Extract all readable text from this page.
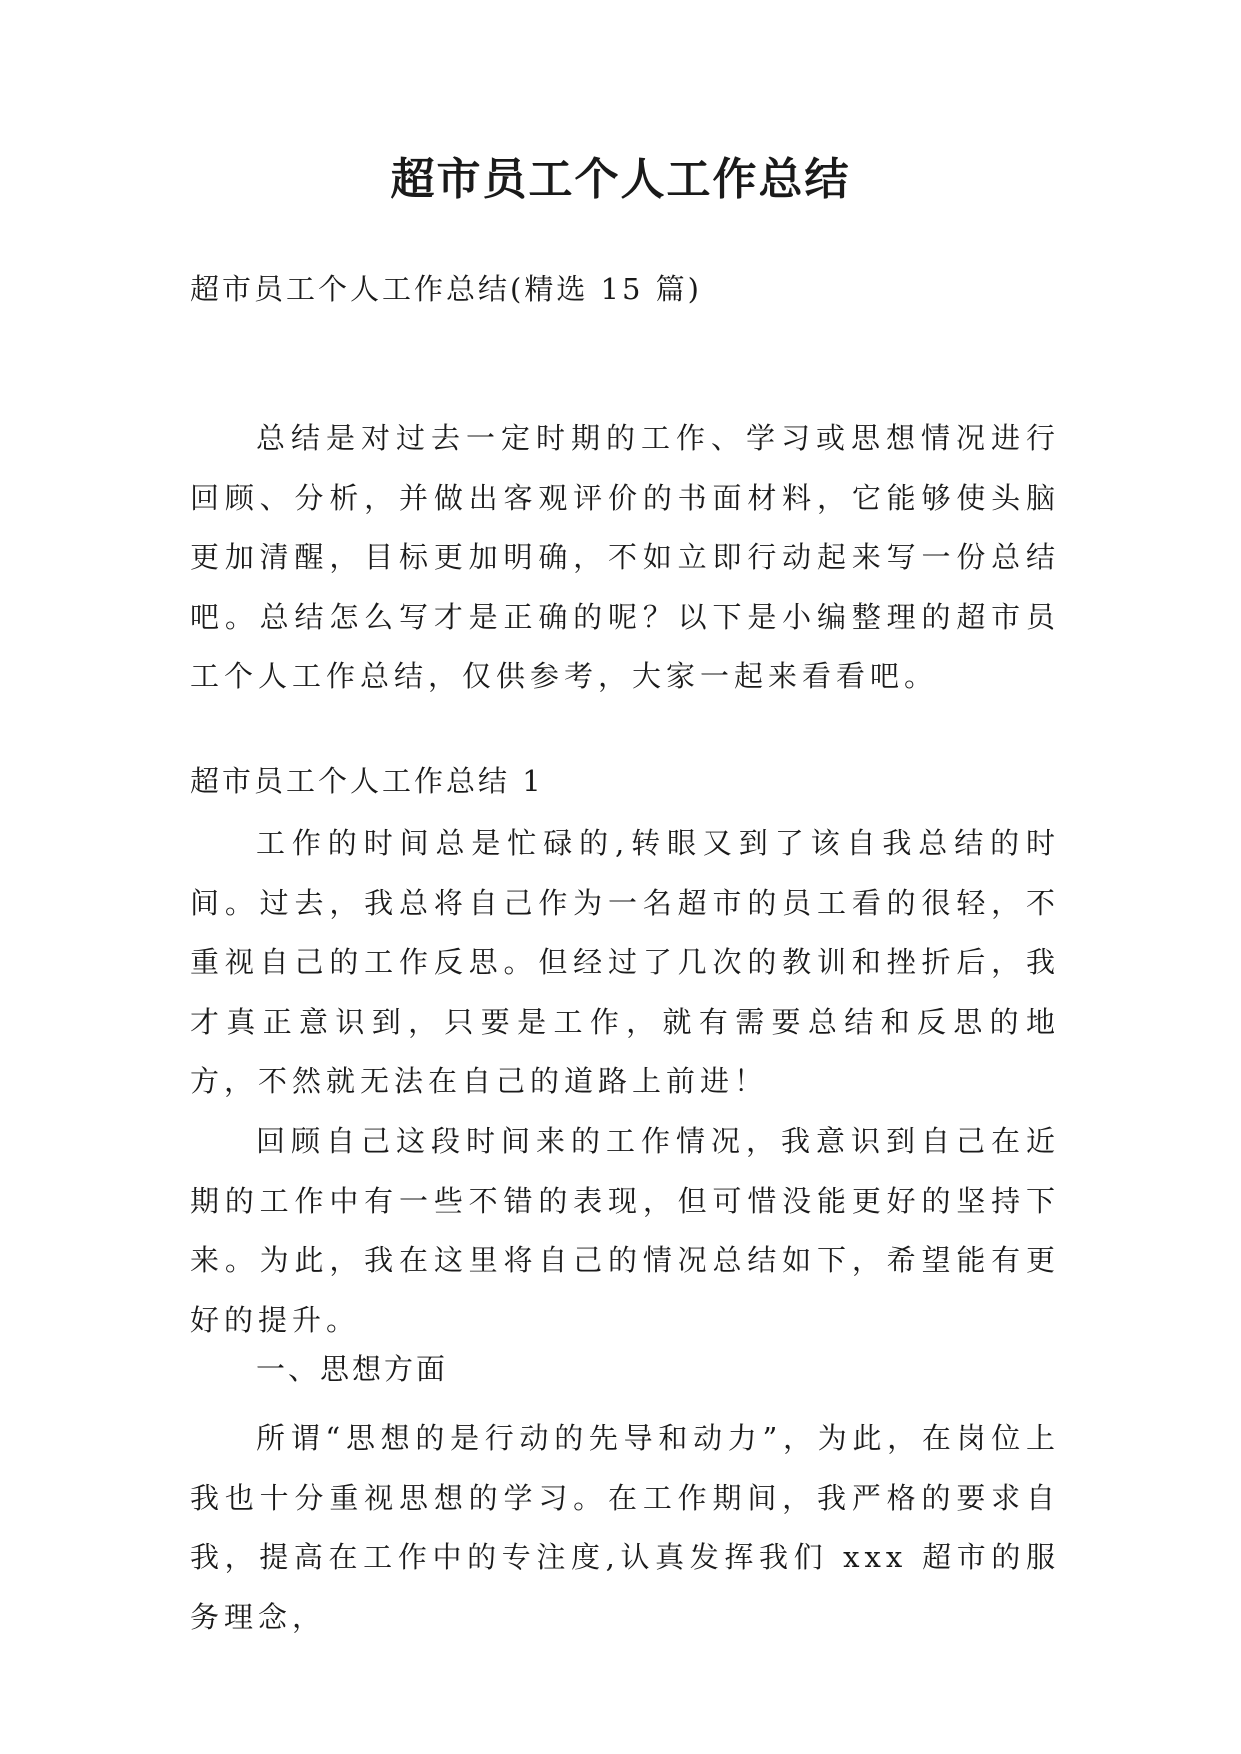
超市员工个人工作总结
超市员工个人工作总结(精选 15 篇)
总结是对过去一定时期的工作、学习或思想情况进行回顾、分析，并做出客观评价的书面材料，它能够使头脑更加清醒，目标更加明确，不如立即行动起来写一份总结吧。总结怎么写才是正确的呢？以下是小编整理的超市员工个人工作总结，仅供参考，大家一起来看看吧。
超市员工个人工作总结 1
工作的时间总是忙碌的,转眼又到了该自我总结的时间。过去，我总将自己作为一名超市的员工看的很轻，不重视自己的工作反思。但经过了几次的教训和挫折后，我才真正意识到，只要是工作，就有需要总结和反思的地方，不然就无法在自己的道路上前进！
回顾自己这段时间来的工作情况，我意识到自己在近期的工作中有一些不错的表现，但可惜没能更好的坚持下来。为此，我在这里将自己的情况总结如下，希望能有更好的提升。
一、思想方面
所谓“思想的是行动的先导和动力”，为此，在岗位上我也十分重视思想的学习。在工作期间，我严格的要求自我，提高在工作中的专注度,认真发挥我们 xxx 超市的服务理念，
